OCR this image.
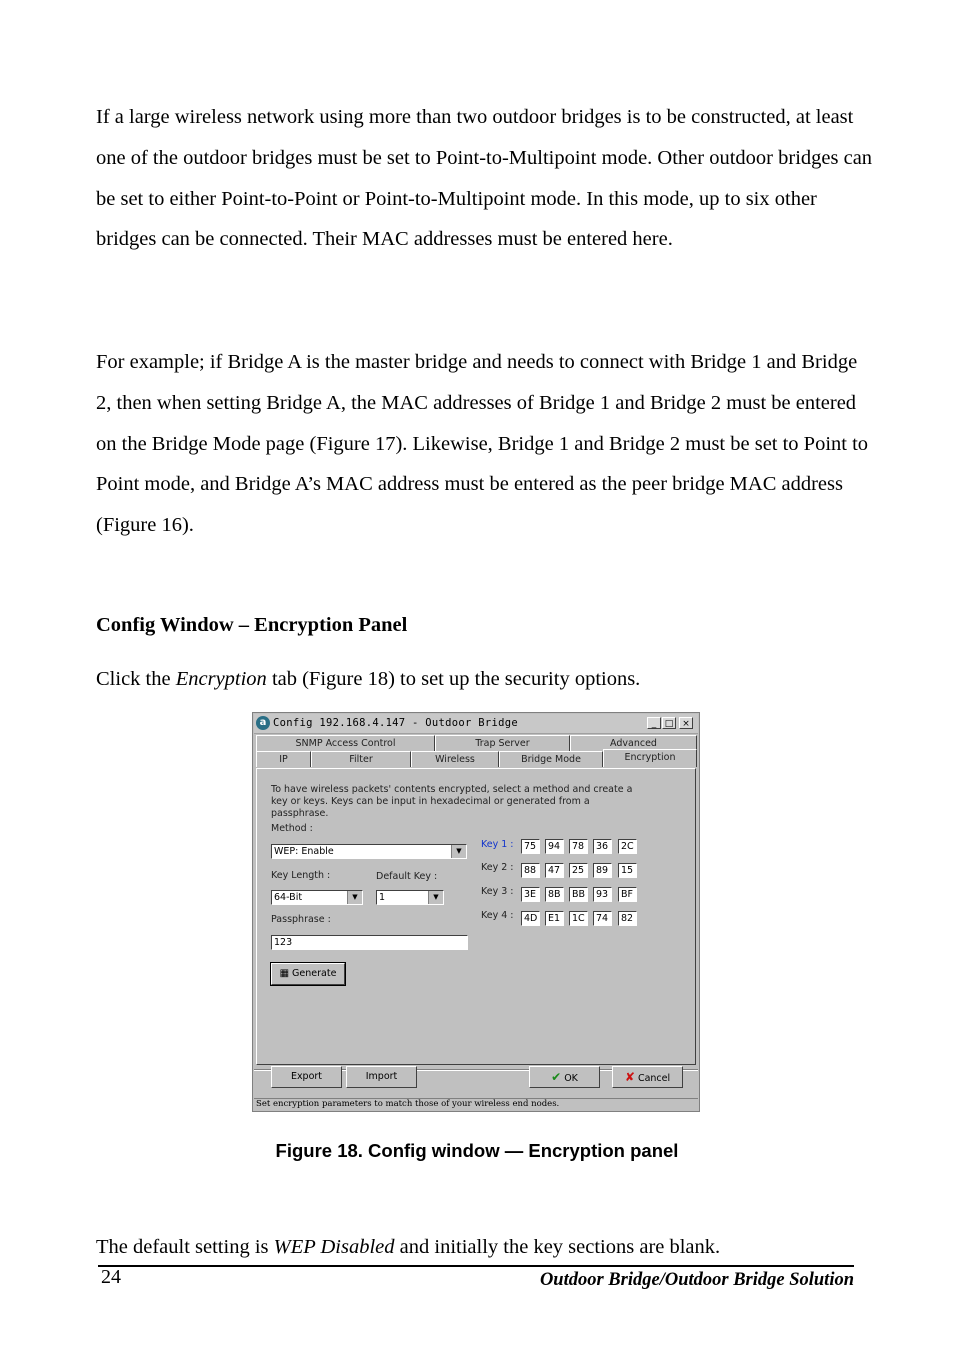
If a large wireless network using more than two outdoor bridges is to be constructed, at least one of the outdoor bridges must be set to Point-to-Multipoint mode. Other outdoor bridges can be set to either Point-to-Point or Point-to-Multipoint mode. In this mode, up to six other bridges can be connected. Their MAC addresses must be entered here.

For example; if Bridge A is the master bridge and needs to connect with Bridge 1 and Bridge 2, then when setting Bridge A, the MAC addresses of Bridge 1 and Bridge 2 must be entered on the Bridge Mode page (Figure 17). Likewise, Bridge 1 and Bridge 2 must be set to Point to Point mode, and Bridge A’s MAC address must be entered as the peer bridge MAC address (Figure 16).

Config Window – Encryption Panel

Click the Encryption tab (Figure 18) to set up the security options.

a Config 192.168.4.147 - Outdoor Bridge	_ □ ×
SNMP Access Control	Trap Server	Advanced
IP	Filter	Wireless	Bridge Mode	Encryption
To have wireless packets' contents encrypted, select a method and create a key or keys. Keys can be input in hexadecimal or generated from a passphrase.
Method :
WEP: Enable	▼
Key Length :
64-Bit	▼
Default Key :
1	▼
Passphrase :
123
▦ Generate
Key 1 :	75	94	78	36	2C
Key 2 :	88	47	25	89	15
Key 3 :	3E	8B	BB	93	BF
Key 4 :	4D	E1	1C	74	82
Export	Import	✔ OK	✘ Cancel
Set encryption parameters to match those of your wireless end nodes.
Figure 18. Config window — Encryption panel

The default setting is WEP Disabled and initially the key sections are blank.

24	Outdoor Bridge/Outdoor Bridge Solution
